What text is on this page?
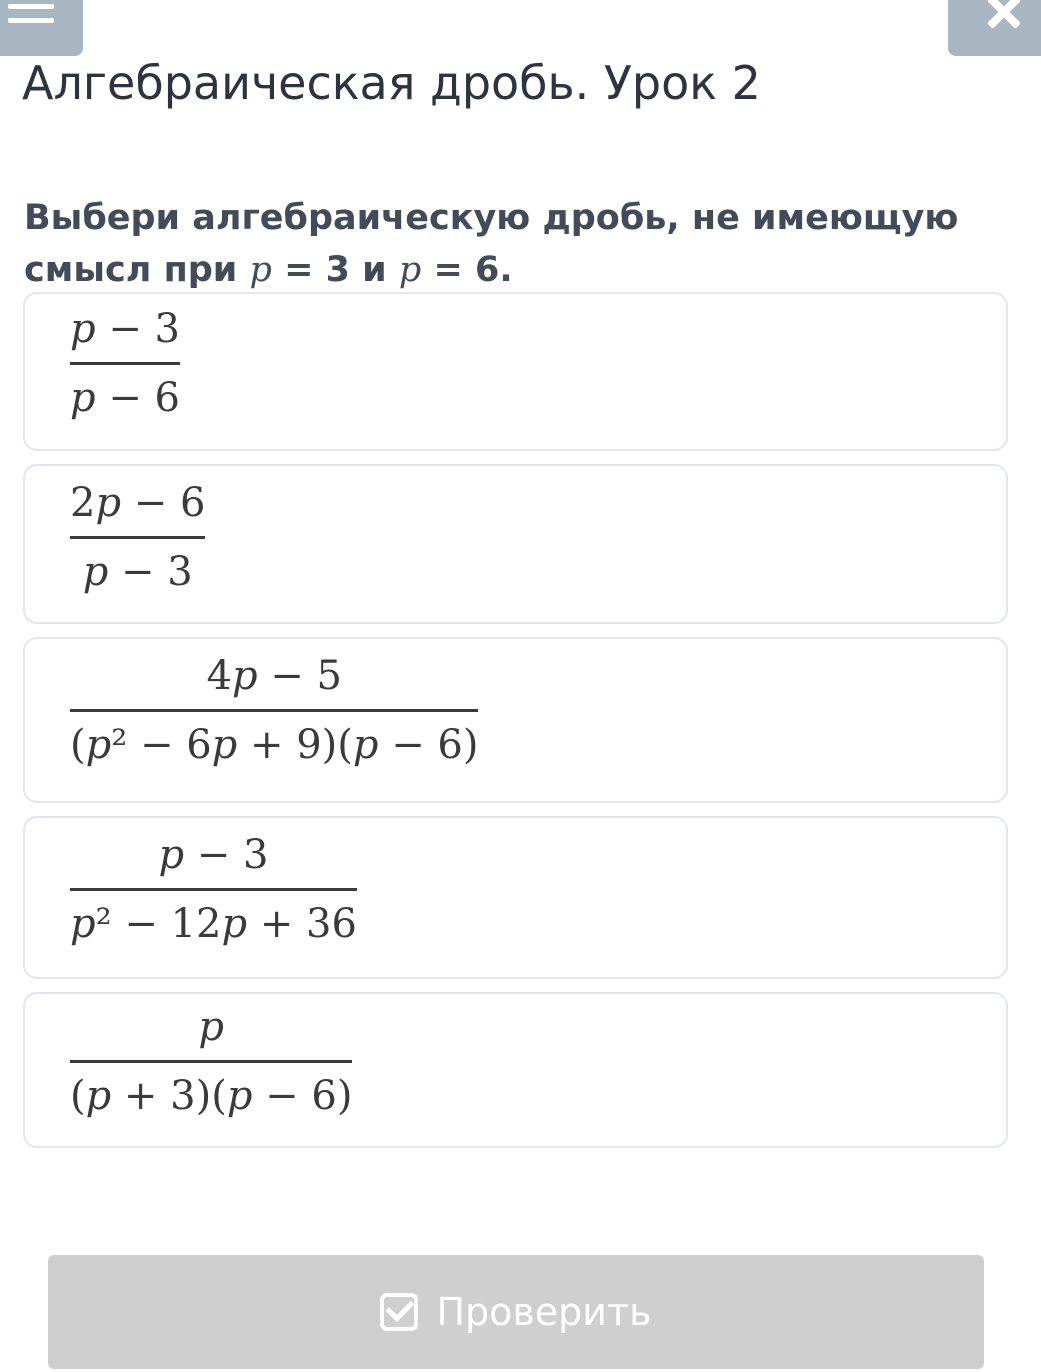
Алгебраическая дробь. Урок 2
Выбери алгебраическую дробь, не имеющую смысл при p = 3 и p = 6.
p − 3
p − 6
2p − 6
p − 3
4p − 5
(p² − 6p + 9)(p − 6)
p − 3
p² − 12p + 36
p
(p + 3)(p − 6)
Проверить
